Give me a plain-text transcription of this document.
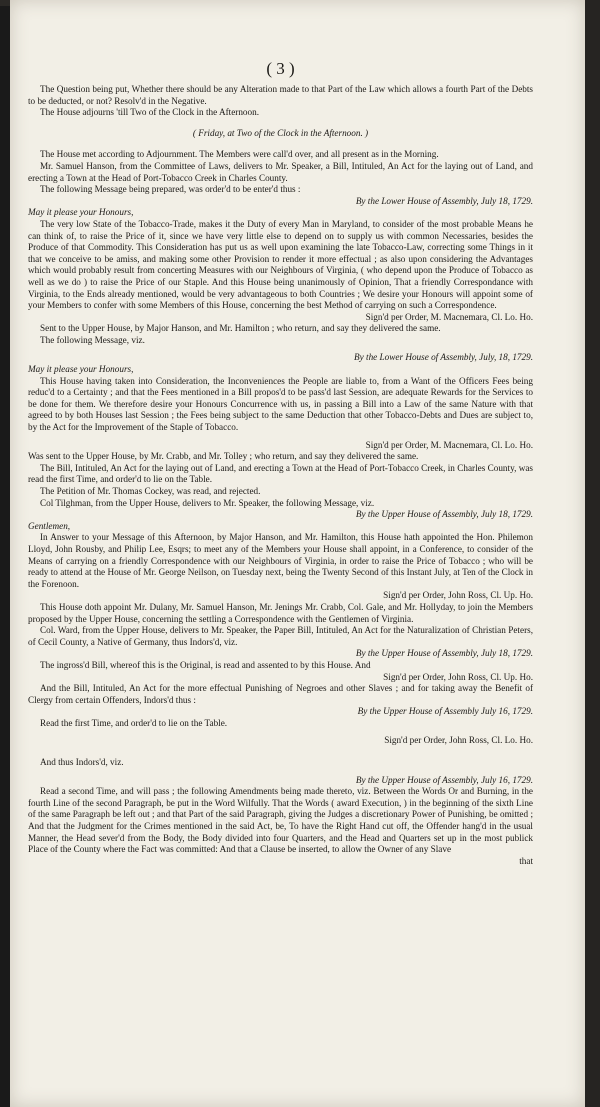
( 3 )

The Question being put, Whether there should be any Alteration made to that Part of the Law which allows a fourth Part of the Debts to be deducted, or not? Resolv'd in the Negative.

The House adjourns 'till Two of the Clock in the Afternoon.

( Friday, at Two of the Clock in the Afternoon. )

The House met according to Adjournment. The Members were call'd over, and all present as in the Morning.

Mr. Samuel Hanson, from the Committee of Laws, delivers to Mr. Speaker, a Bill, Intituled, An Act for the laying out of Land, and erecting a Town at the Head of Port-Tobacco Creek in Charles County.

The following Message being prepared, was order'd to be enter'd thus :

By the Lower House of Assembly, July 18, 1729.

May it please your Honours,

The very low State of the Tobacco-Trade, makes it the Duty of every Man in Maryland, to consider of the most probable Means he can think of, to raise the Price of it, since we have very little else to depend on to supply us with common Necessaries, besides the Produce of that Commodity. This Consideration has put us as well upon examining the late Tobacco-Law, correcting some Things in it that we conceive to be amiss, and making some other Provision to render it more effectual ; as also upon considering the Advantages which would probably result from concerting Measures with our Neighbours of Virginia, ( who depend upon the Produce of Tobacco as well as we do ) to raise the Price of our Staple. And this House being unanimously of Opinion, That a friendly Correspondance with Virginia, to the Ends already mentioned, would be very advantageous to both Countries ; We desire your Honours will appoint some of your Members to confer with some Members of this House, concerning the best Method of carrying on such a Correspondence.

Sign'd per Order, M. Macnemara, Cl. Lo. Ho.

Sent to the Upper House, by Major Hanson, and Mr. Hamilton ; who return, and say they delivered the same.

The following Message, viz.

By the Lower House of Assembly, July, 18, 1729.

May it please your Honours,

This House having taken into Consideration, the Inconveniences the People are liable to, from a Want of the Officers Fees being reduc'd to a Certainty ; and that the Fees mentioned in a Bill propos'd to be pass'd last Session, are adequate Rewards for the Services to be done for them. We therefore desire your Honours Concurrence with us, in passing a Bill into a Law of the same Nature with that agreed to by both Houses last Session ; the Fees being subject to the same Deduction that other Tobacco-Debts and Dues are subject to, by the Act for the Improvement of the Staple of Tobacco.

Sign'd per Order, M. Macnemara, Cl. Lo. Ho.

Was sent to the Upper House, by Mr. Crabb, and Mr. Tolley ; who return, and say they delivered the same.

The Bill, Intituled, An Act for the laying out of Land, and erecting a Town at the Head of Port-Tobacco Creek, in Charles County, was read the first Time, and order'd to lie on the Table.

The Petition of Mr. Thomas Cockey, was read, and rejected.

Col Tilghman, from the Upper House, delivers to Mr. Speaker, the following Message, viz.

By the Upper House of Assembly, July 18, 1729.

Gentlemen,

In Answer to your Message of this Afternoon, by Major Hanson, and Mr. Hamilton, this House hath appointed the Hon. Philemon Lloyd, John Rousby, and Philip Lee, Esqrs; to meet any of the Members your House shall appoint, in a Conference, to consider of the Means of carrying on a friendly Correspondence with our Neighbours of Virginia, in order to raise the Price of Tobacco ; who will be ready to attend at the House of Mr. George Neilson, on Tuesday next, being the Twenty Second of this Instant July, at Ten of the Clock in the Forenoon.

Sign'd per Order, John Ross, Cl. Up. Ho.

This House doth appoint Mr. Dulany, Mr. Samuel Hanson, Mr. Jenings Mr. Crabb, Col. Gale, and Mr. Hollyday, to join the Members proposed by the Upper House, concerning the settling a Correspondence with the Gentlemen of Virginia.

Col. Ward, from the Upper House, delivers to Mr. Speaker, the Paper Bill, Intituled, An Act for the Naturalization of Christian Peters, of Cecil County, a Native of Germany, thus Indors'd, viz.

By the Upper House of Assembly, July 18, 1729.

The ingross'd Bill, whereof this is the Original, is read and assented to by this House. And

Sign'd per Order, John Ross, Cl. Up. Ho.

And the Bill, Intituled, An Act for the more effectual Punishing of Negroes and other Slaves ; and for taking away the Benefit of Clergy from certain Offenders, Indors'd thus :

By the Upper House of Assembly July 16, 1729.

Read the first Time, and order'd to lie on the Table.

Sign'd per Order, John Ross, Cl. Lo. Ho.

And thus Indors'd, viz.

By the Upper House of Assembly, July 16, 1729.

Read a second Time, and will pass ; the following Amendments being made thereto, viz. Between the Words Or and Burning, in the fourth Line of the second Paragraph, be put in the Word Wilfully. That the Words ( award Execution, ) in the beginning of the sixth Line of the same Paragraph be left out ; and that Part of the said Paragraph, giving the Judges a discretionary Power of Punishing, be omitted ; And that the Judgment for the Crimes mentioned in the said Act, be, To have the Right Hand cut off, the Offender hang'd in the usual Manner, the Head sever'd from the Body, the Body divided into four Quarters, and the Head and Quarters set up in the most publick Place of the County where the Fact was committed: And that a Clause be inserted, to allow the Owner of any Slave

that
